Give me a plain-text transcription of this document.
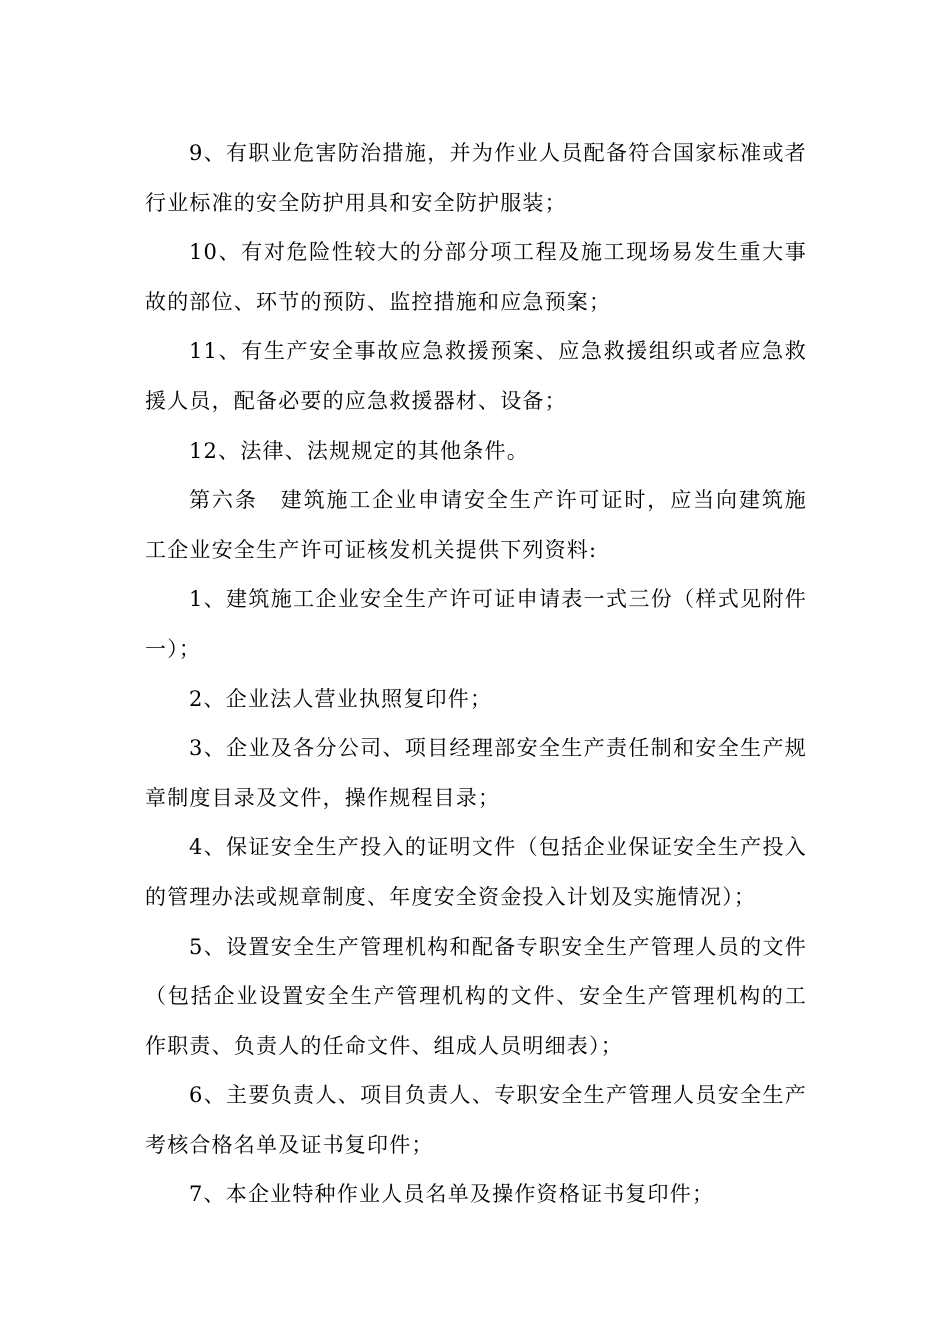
9、有职业危害防治措施，并为作业人员配备符合国家标准或者行业标准的安全防护用具和安全防护服装；

10、有对危险性较大的分部分项工程及施工现场易发生重大事故的部位、环节的预防、监控措施和应急预案；

11、有生产安全事故应急救援预案、应急救援组织或者应急救援人员，配备必要的应急救援器材、设备；

12、法律、法规规定的其他条件。

第六条　建筑施工企业申请安全生产许可证时，应当向建筑施工企业安全生产许可证核发机关提供下列资料:

1、建筑施工企业安全生产许可证申请表一式三份（样式见附件一）；

2、企业法人营业执照复印件；

3、企业及各分公司、项目经理部安全生产责任制和安全生产规章制度目录及文件，操作规程目录；

4、保证安全生产投入的证明文件（包括企业保证安全生产投入的管理办法或规章制度、年度安全资金投入计划及实施情况）；

5、设置安全生产管理机构和配备专职安全生产管理人员的文件（包括企业设置安全生产管理机构的文件、安全生产管理机构的工作职责、负责人的任命文件、组成人员明细表）；

6、主要负责人、项目负责人、专职安全生产管理人员安全生产考核合格名单及证书复印件；

7、本企业特种作业人员名单及操作资格证书复印件；
